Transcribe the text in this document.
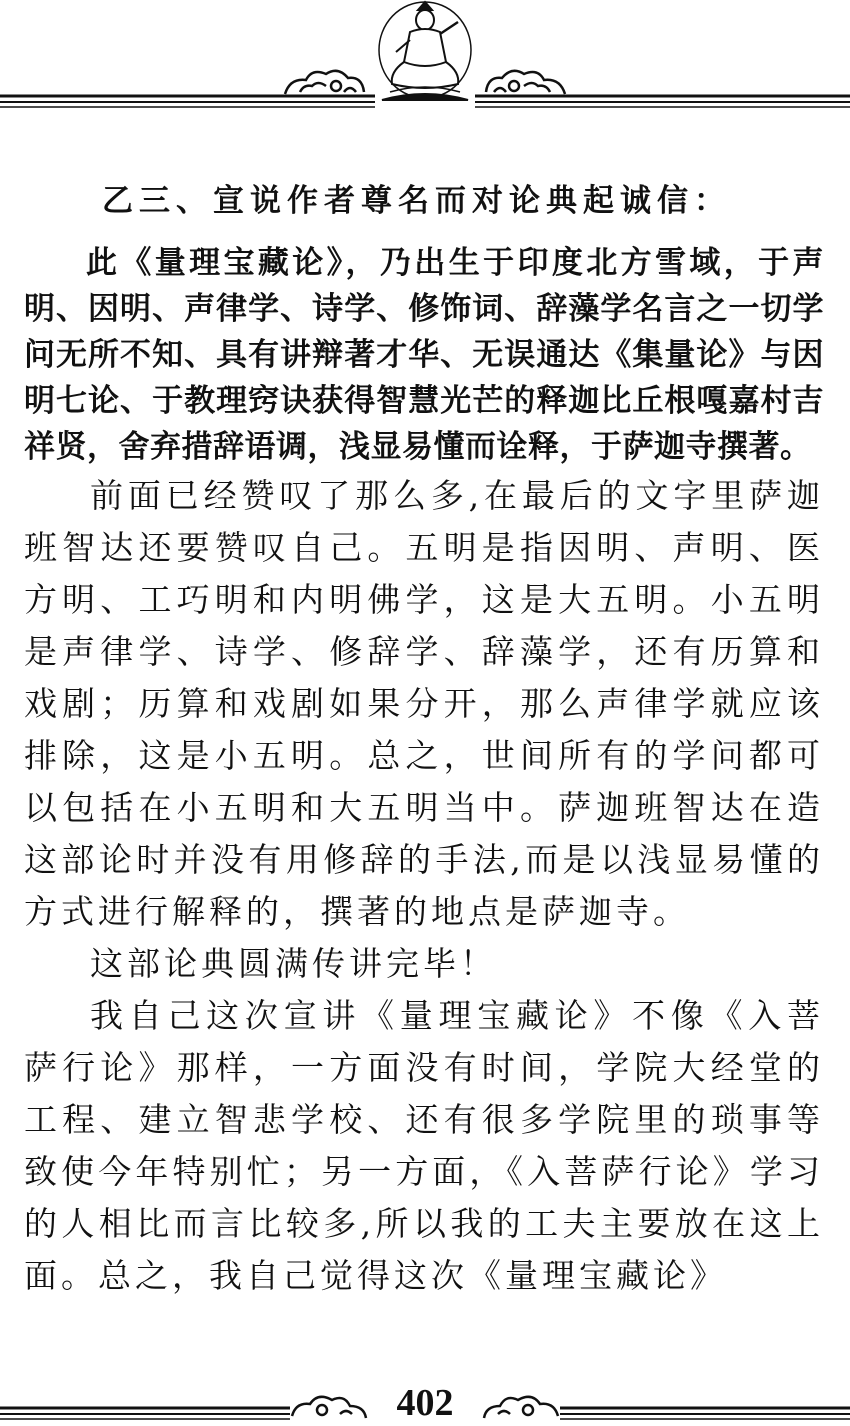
乙三、宣说作者尊名而对论典起诚信：

此《量理宝藏论》，乃出生于印度北方雪域，于声明、因明、声律学、诗学、修饰词、辞藻学名言之一切学问无所不知、具有讲辩著才华、无误通达《集量论》与因明七论、于教理窍诀获得智慧光芒的释迦比丘根嘎嘉村吉祥贤，舍弃措辞语调，浅显易懂而诠释，于萨迦寺撰著。

前面已经赞叹了那么多,在最后的文字里萨迦班智达还要赞叹自己。五明是指因明、声明、医方明、工巧明和内明佛学，这是大五明。小五明是声律学、诗学、修辞学、辞藻学，还有历算和戏剧；历算和戏剧如果分开，那么声律学就应该排除，这是小五明。总之，世间所有的学问都可以包括在小五明和大五明当中。萨迦班智达在造这部论时并没有用修辞的手法,而是以浅显易懂的方式进行解释的，撰著的地点是萨迦寺。

这部论典圆满传讲完毕！

我自己这次宣讲《量理宝藏论》不像《入菩萨行论》那样，一方面没有时间，学院大经堂的工程、建立智悲学校、还有很多学院里的琐事等致使今年特别忙；另一方面，《入菩萨行论》学习的人相比而言比较多,所以我的工夫主要放在这上面。总之，我自己觉得这次《量理宝藏论》

402
